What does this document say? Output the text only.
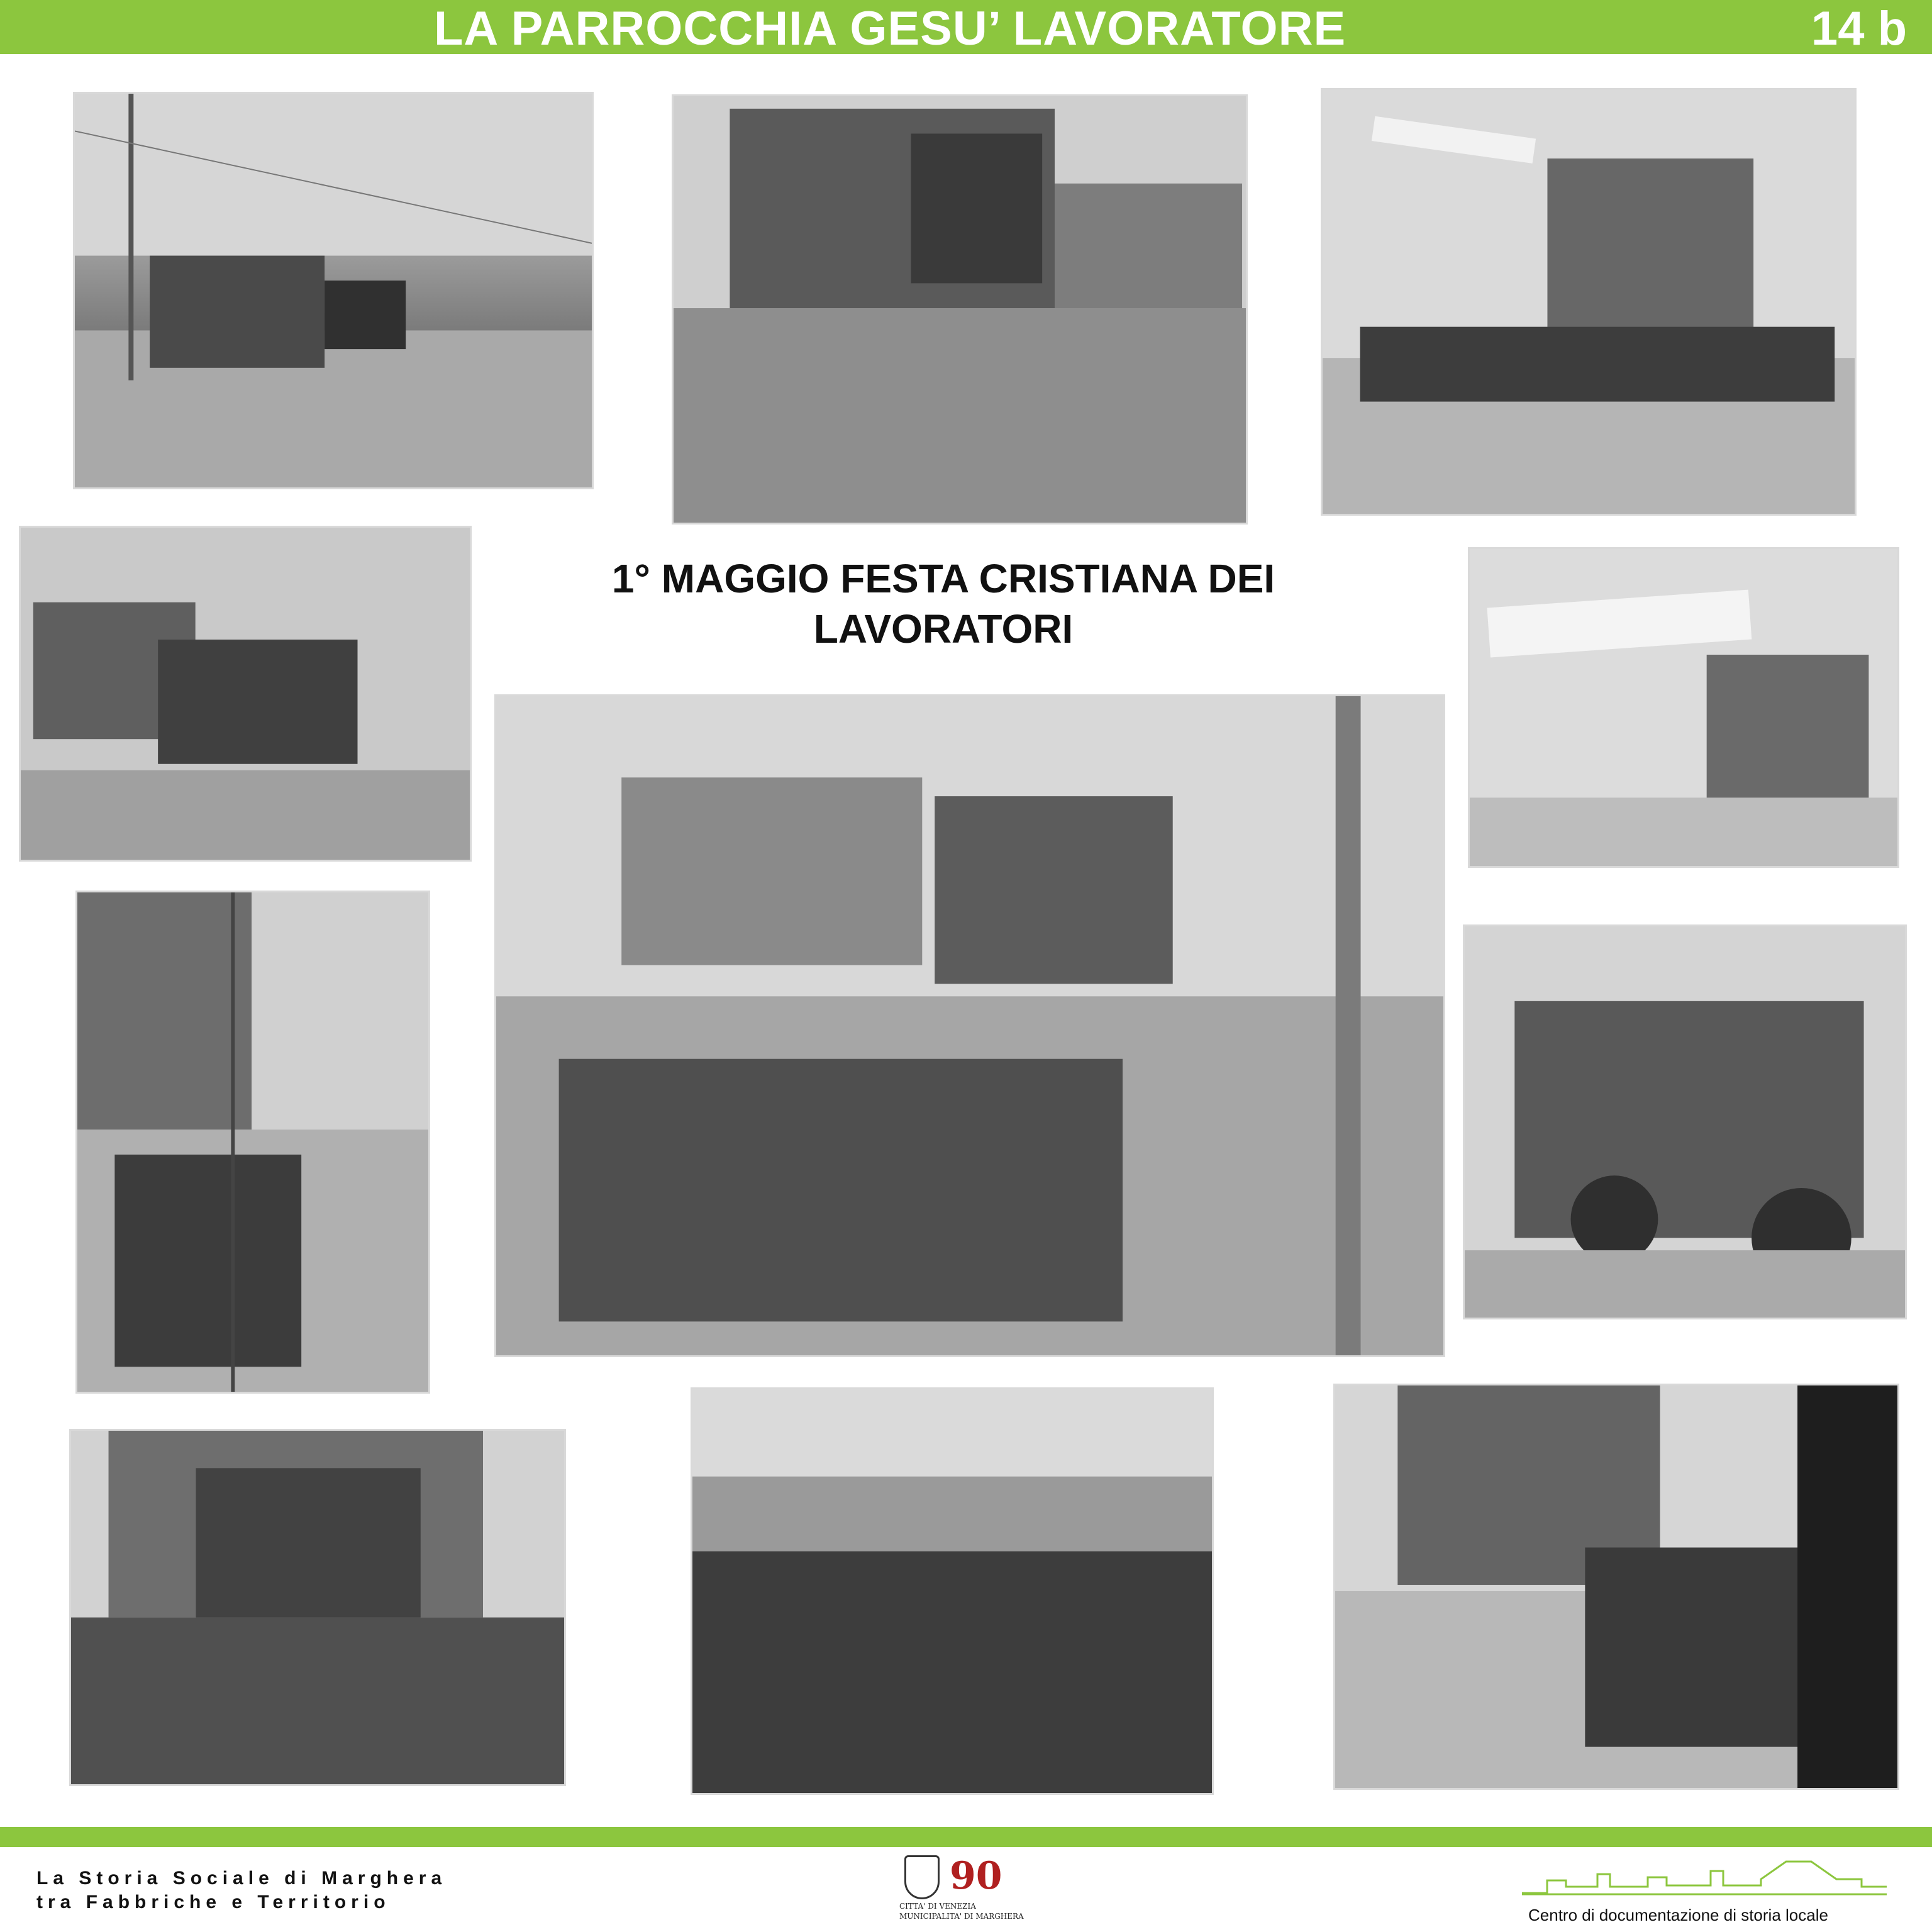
LA PARROCCHIA GESU’ LAVORATORE	14 b
1° MAGGIO FESTA CRISTIANA DEI
LAVORATORI
La Storia Sociale di Marghera
tra Fabbriche e Territorio
90
CITTA' DI VENEZIA
MUNICIPALITA' DI MARGHERA	Centro di documentazione di storia locale
